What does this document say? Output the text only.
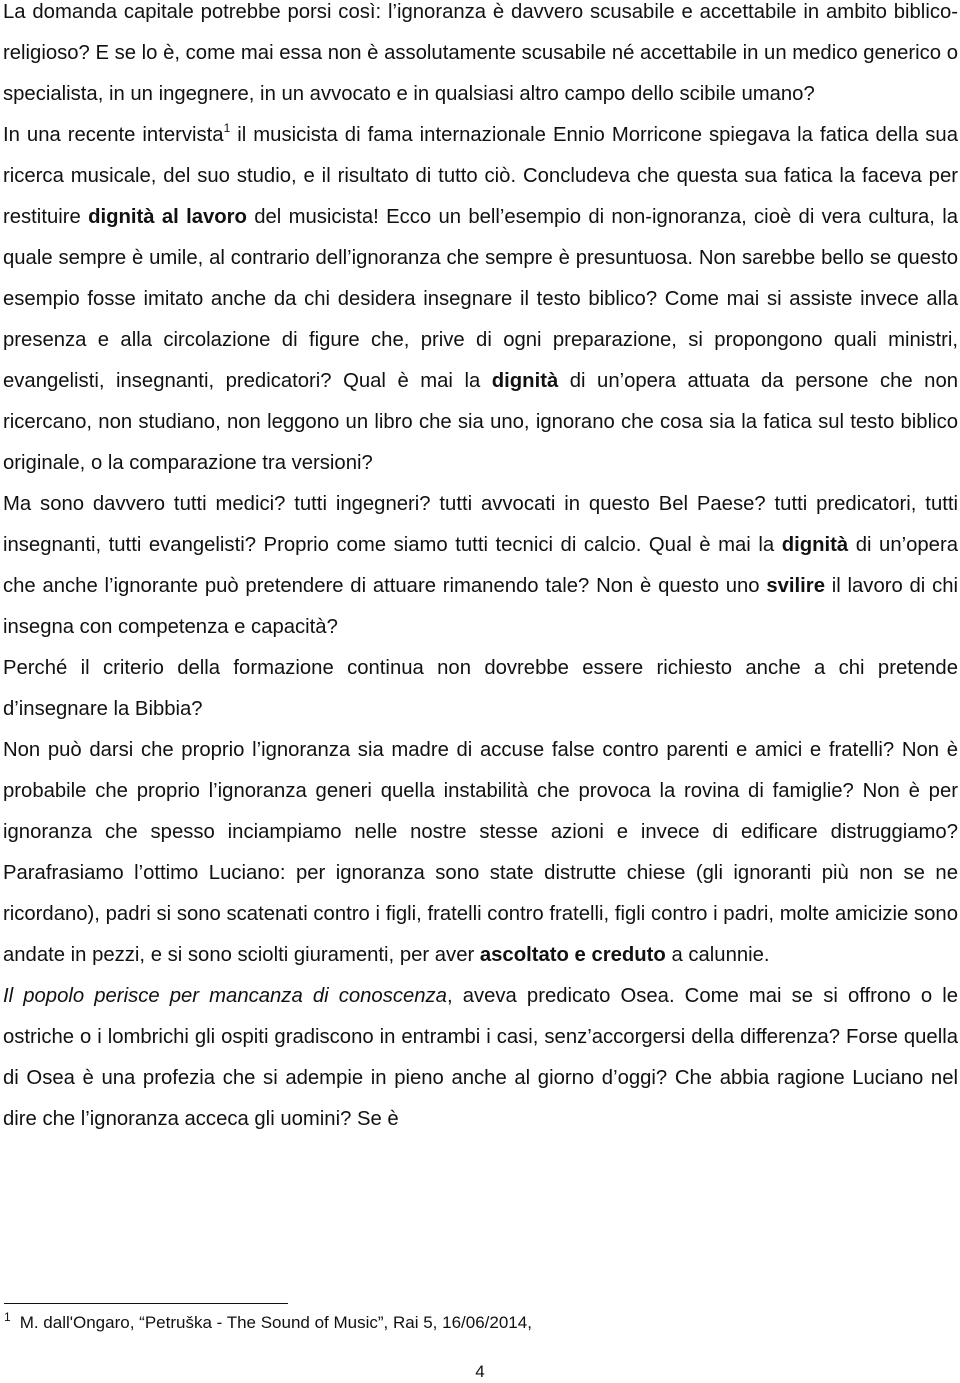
La domanda capitale potrebbe porsi così: l’ignoranza è davvero scusabile e accettabile in ambito biblico-religioso? E se lo è, come mai essa non è assolutamente scusabile né accettabile in un medico generico o specialista, in un ingegnere, in un avvocato e in qualsiasi altro campo dello scibile umano?

In una recente intervista$^1$ il musicista di fama internazionale Ennio Morricone spiegava la fatica della sua ricerca musicale, del suo studio, e il risultato di tutto ciò. Concludeva che questa sua fatica la faceva per restituire dignità al lavoro del musicista! Ecco un bell’esempio di non-ignoranza, cioè di vera cultura, la quale sempre è umile, al contrario dell’ignoranza che sempre è presuntuosa. Non sarebbe bello se questo esempio fosse imitato anche da chi desidera insegnare il testo biblico? Come mai si assiste invece alla presenza e alla circolazione di figure che, prive di ogni preparazione, si propongono quali ministri, evangelisti, insegnanti, predicatori? Qual è mai la dignità di un’opera attuata da persone che non ricercano, non studiano, non leggono un libro che sia uno, ignorano che cosa sia la fatica sul testo biblico originale, o la comparazione tra versioni?

Ma sono davvero tutti medici? tutti ingegneri? tutti avvocati in questo Bel Paese? tutti predicatori, tutti insegnanti, tutti evangelisti? Proprio come siamo tutti tecnici di calcio. Qual è mai la dignità di un’opera che anche l’ignorante può pretendere di attuare rimanendo tale? Non è questo uno svilire il lavoro di chi insegna con competenza e capacità?

Perché il criterio della formazione continua non dovrebbe essere richiesto anche a chi pretende d’insegnare la Bibbia?

Non può darsi che proprio l’ignoranza sia madre di accuse false contro parenti e amici e fratelli? Non è probabile che proprio l’ignoranza generi quella instabilità che provoca la rovina di famiglie? Non è per ignoranza che spesso inciampiamo nelle nostre stesse azioni e invece di edificare distruggiamo? Parafrasiamo l’ottimo Luciano: per ignoranza sono state distrutte chiese (gli ignoranti più non se ne ricordano), padri si sono scatenati contro i figli, fratelli contro fratelli, figli contro i padri, molte amicizie sono andate in pezzi, e si sono sciolti giuramenti, per aver ascoltato e creduto a calunnie.

Il popolo perisce per mancanza di conoscenza, aveva predicato Osea. Come mai se si offrono o le ostriche o i lombrichi gli ospiti gradiscono in entrambi i casi, senz’accorgersi della differenza? Forse quella di Osea è una profezia che si adempie in pieno anche al giorno d’oggi? Che abbia ragione Luciano nel dire che l’ignoranza acceca gli uomini? Se è

$^1$ M. dall'Ongaro, “Petruška - The Sound of Music”, Rai 5, 16/06/2014,
4
